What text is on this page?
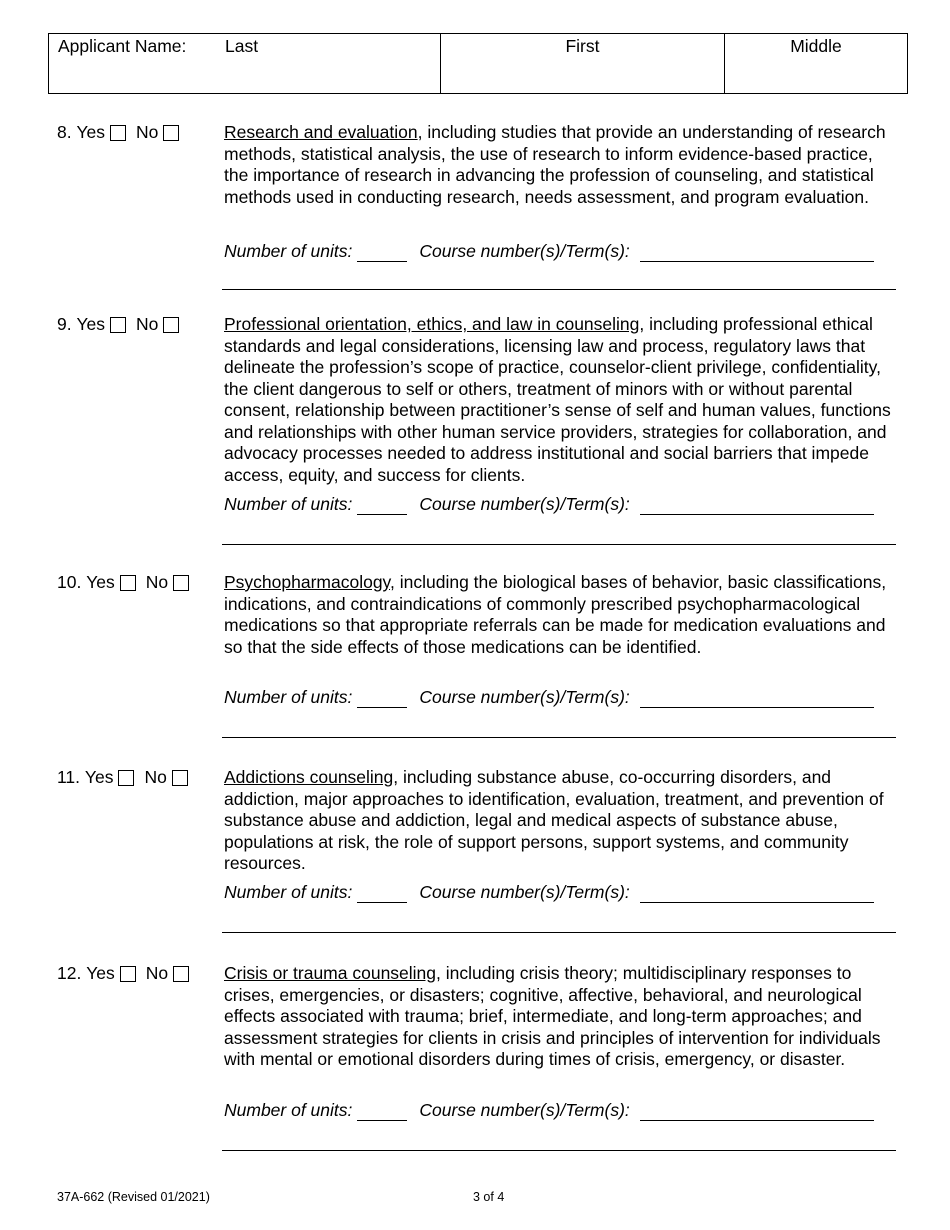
Applicant Name: Last	First	Middle
8.
Yes No	Research and evaluation, including studies that provide an understanding of research methods, statistical analysis, the use of research to inform evidence-based practice, the importance of research in advancing the profession of counseling, and statistical methods used in conducting research, needs assessment, and program evaluation.
Number of units:	Course number(s)/Term(s):
9.
Yes No	Professional orientation, ethics, and law in counseling, including professional ethical standards and legal considerations, licensing law and process, regulatory laws that delineate the profession’s scope of practice, counselor-client privilege, confidentiality, the client dangerous to self or others, treatment of minors with or without parental consent, relationship between practitioner’s sense of self and human values, functions and relationships with other human service providers, strategies for collaboration, and advocacy processes needed to address institutional and social barriers that impede access, equity, and success for clients.
Number of units:	Course number(s)/Term(s):
10.
Yes No	Psychopharmacology, including the biological bases of behavior, basic classifications, indications, and contraindications of commonly prescribed psychopharmacological medications so that appropriate referrals can be made for medication evaluations and so that the side effects of those medications can be identified.
Number of units:	Course number(s)/Term(s):
11.
Yes No	Addictions counseling, including substance abuse, co-occurring disorders, and addiction, major approaches to identification, evaluation, treatment, and prevention of substance abuse and addiction, legal and medical aspects of substance abuse, populations at risk, the role of support persons, support systems, and community resources.
Number of units:	Course number(s)/Term(s):
12.
Yes No	Crisis or trauma counseling, including crisis theory; multidisciplinary responses to crises, emergencies, or disasters; cognitive, affective, behavioral, and neurological effects associated with trauma; brief, intermediate, and long-term approaches; and assessment strategies for clients in crisis and principles of intervention for individuals with mental or emotional disorders during times of crisis, emergency, or disaster.
Number of units:	Course number(s)/Term(s):
37A-662 (Revised 01/2021)	3 of 4
